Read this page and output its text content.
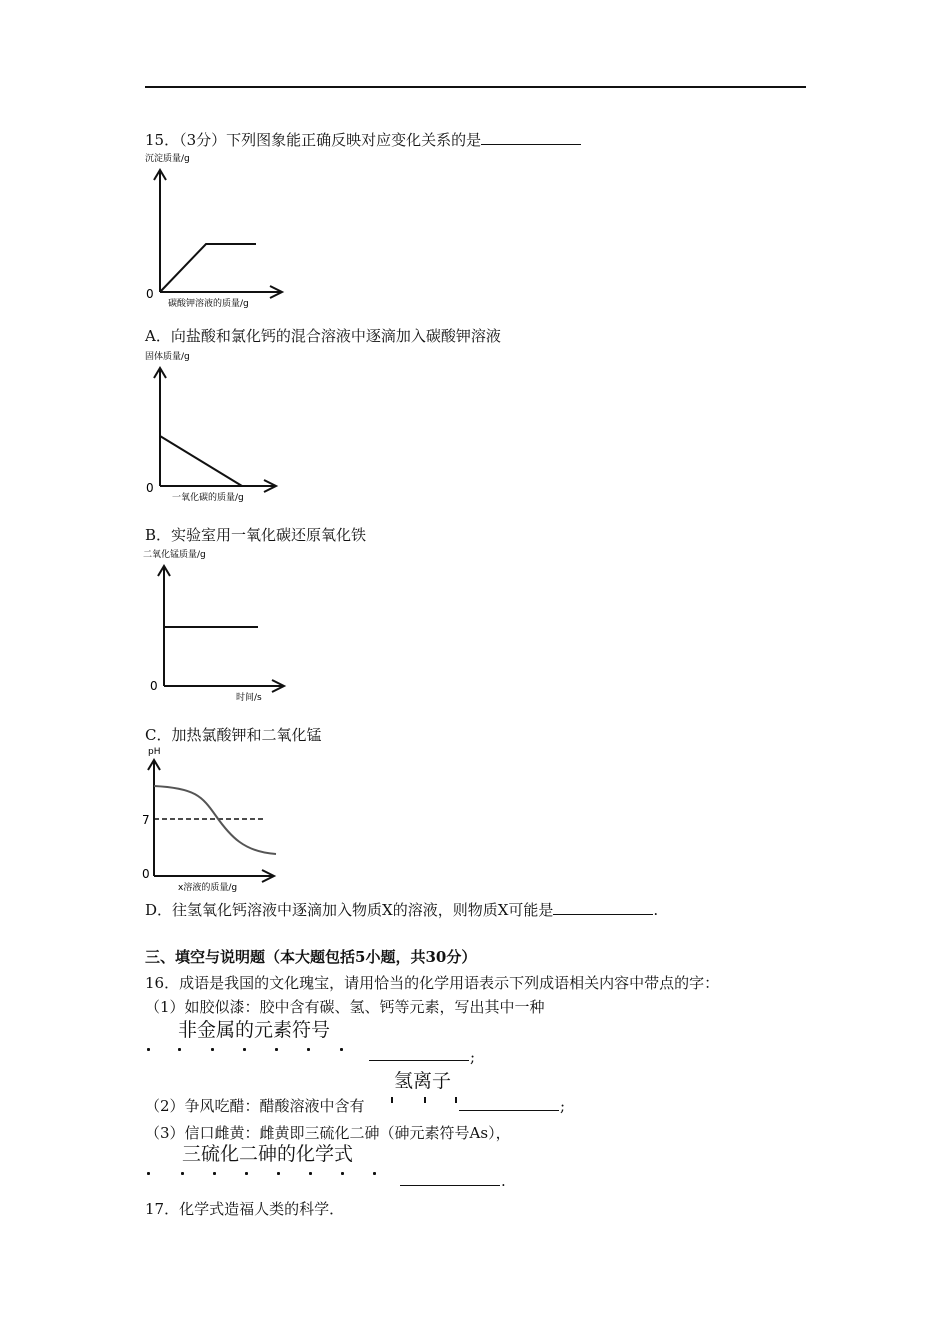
15．（3分）下列图象能正确反映对应变化关系的是
沉淀质量/g
0
碳酸钾溶液的质量/g
A．向盐酸和氯化钙的混合溶液中逐滴加入碳酸钾溶液
固体质量/g
0
一氧化碳的质量/g
B．实验室用一氧化碳还原氧化铁
二氧化锰质量/g
0
时间/s
C．加热氯酸钾和二氧化锰
pH
7
0
x溶液的质量/g
D．往氢氧化钙溶液中逐滴加入物质X的溶液，则物质X可能是	.
三、填空与说明题（本大题包括5小题，共30分）
16．成语是我国的文化瑰宝，请用恰当的化学用语表示下列成语相关内容中带点的字：
（1）如胶似漆：胶中含有碳、氢、钙等元素，写出其中一种
非金属的元素符号
;
氢离子
（2）争风吃醋：醋酸溶液中含有	;
（3）信口雌黄：雌黄即三硫化二砷（砷元素符号As），
三硫化二砷的化学式
.
17．化学式造福人类的科学．
